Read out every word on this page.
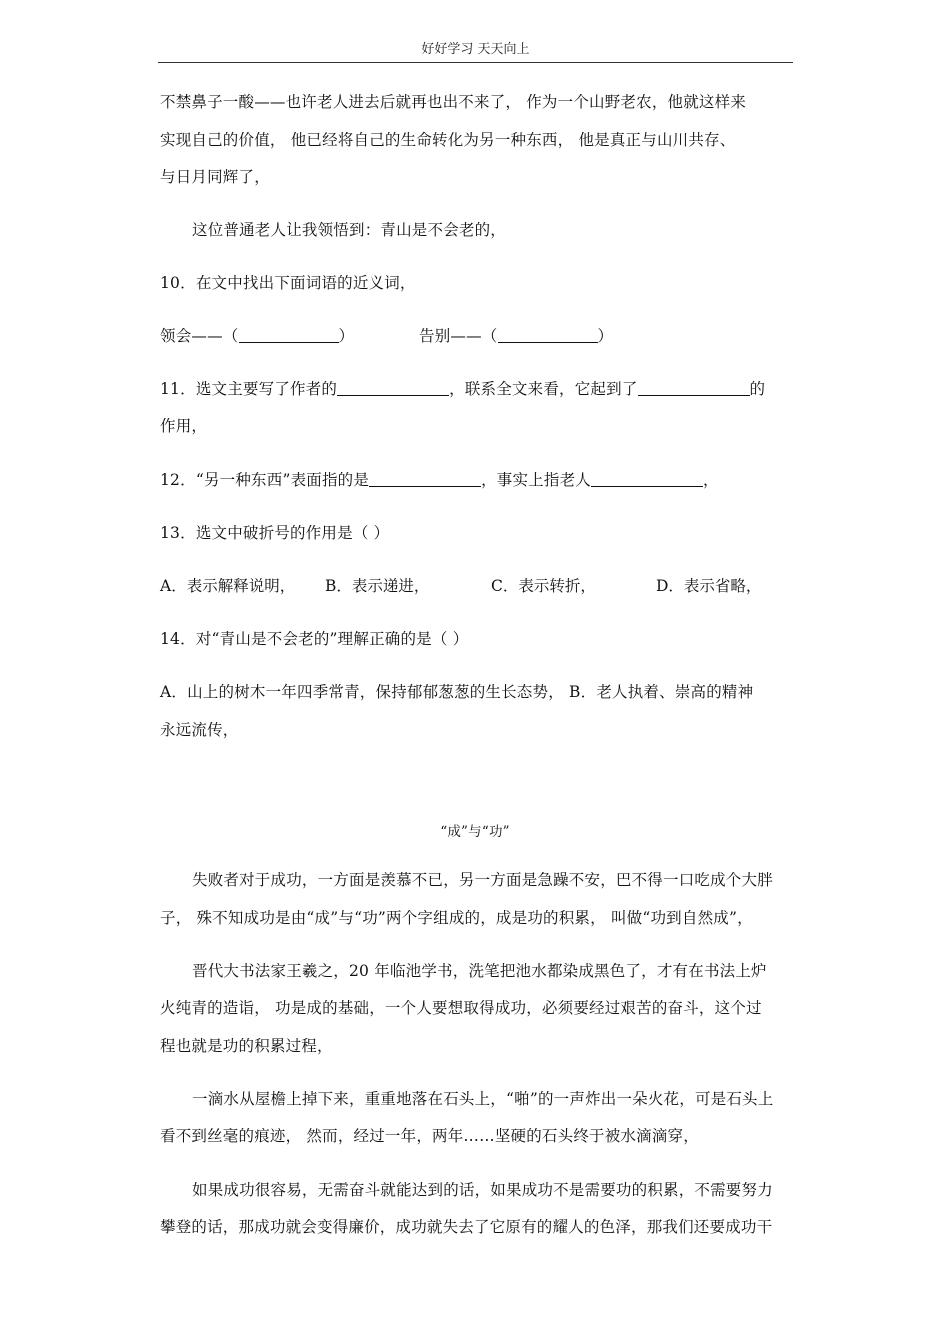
好好学习 天天向上
不禁鼻子一酸——也许老人进去后就再也出不来了， 作为一个山野老农，他就这样来
实现自己的价值， 他已经将自己的生命转化为另一种东西， 他是真正与山川共存、
与日月同辉了，
这位普通老人让我领悟到：青山是不会老的，
10．在文中找出下面词语的近义词，
领会——（	）	告别——（	）
11．选文主要写了作者的	，联系全文来看，它起到了	的
作用，
12．“另一种东西”表面指的是	，事实上指老人	，
13．选文中破折号的作用是（ ）
A．表示解释说明， B．表示递进，	C．表示转折，	D．表示省略，
14．对“青山是不会老的”理解正确的是（ ）
A．山上的树木一年四季常青，保持郁郁葱葱的生长态势， B．老人执着、崇高的精神
永远流传，
“成”与“功”
失败者对于成功，一方面是羡慕不已，另一方面是急躁不安，巴不得一口吃成个大胖
子， 殊不知成功是由“成”与“功”两个字组成的，成是功的积累， 叫做“功到自然成”，
晋代大书法家王羲之，20 年临池学书，洗笔把池水都染成黑色了，才有在书法上炉
火纯青的造诣， 功是成的基础，一个人要想取得成功，必须要经过艰苦的奋斗，这个过
程也就是功的积累过程，
一滴水从屋檐上掉下来，重重地落在石头上，“啪”的一声炸出一朵火花，可是石头上
看不到丝毫的痕迹， 然而，经过一年，两年……坚硬的石头终于被水滴滴穿，
如果成功很容易，无需奋斗就能达到的话，如果成功不是需要功的积累，不需要努力
攀登的话，那成功就会变得廉价，成功就失去了它原有的耀人的色泽，那我们还要成功干
